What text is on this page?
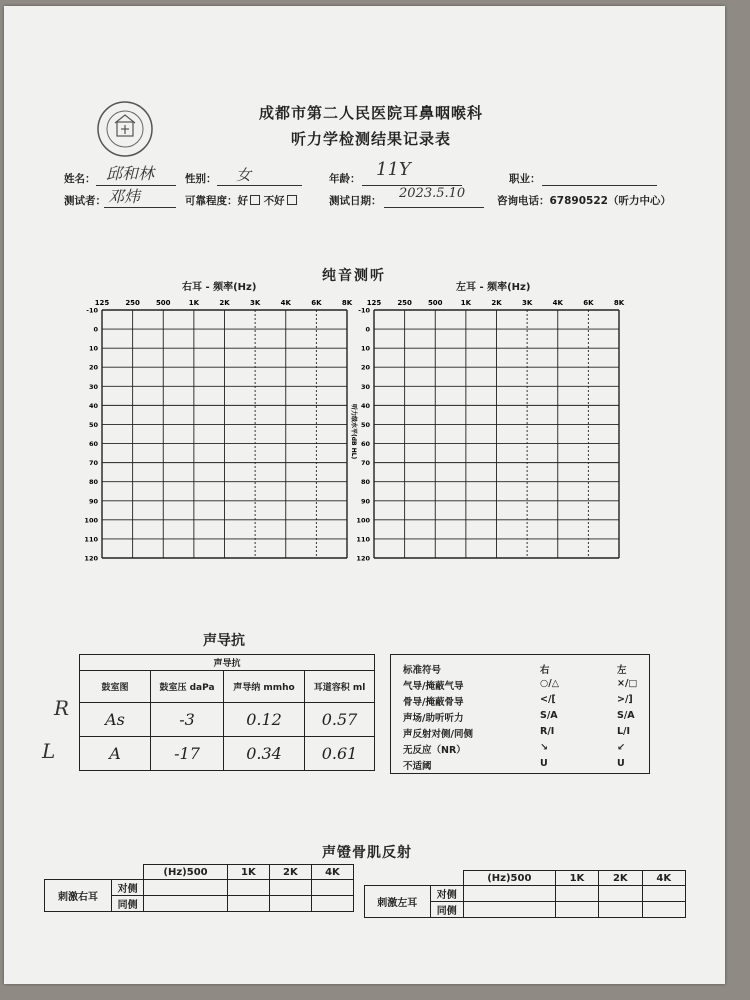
成都市第二人民医院耳鼻咽喉科
听力学检测结果记录表
姓名： 邱和林	性别： 女	年龄： 11Y	职业：
测试者： 邓炜	可靠程度：好 不好	测试日期： 2023.5.10	咨询电话：67890522（听力中心）
纯音测听
右耳 - 频率(Hz)	左耳 - 频率(Hz)
125 250 500	1K	2K	3K	4K	6K	8K
-10
0
10
20
30
40
50
60
70
80
90
100
110
120
125 250 500	1K	2K	3K	4K	6K	8K
-10
0
10
20
30
40
50
60
70
80
90
100
110
120
听力级水平(dB HL)
声导抗
声导抗			
鼓室图	鼓室压 daPa	声导纳 mmho	耳道容积 ml
As	-3	0.12	0.57
A	-17	0.34	0.61
R
L
标准符号	右	左
气导/掩蔽气导	○/△	×/□
骨导/掩蔽骨导	</[	>/]
声场/助听听力	S/A	S/A
声反射对侧/同侧	R/I	L/I
无反应（NR）	↘	↙
不适阈	U	U
声镫骨肌反射
		(Hz)500	1K	2K	4K
刺激右耳	对侧				
	同侧				
		(Hz)500	1K	2K	4K
刺激左耳	对侧				
	同侧				
